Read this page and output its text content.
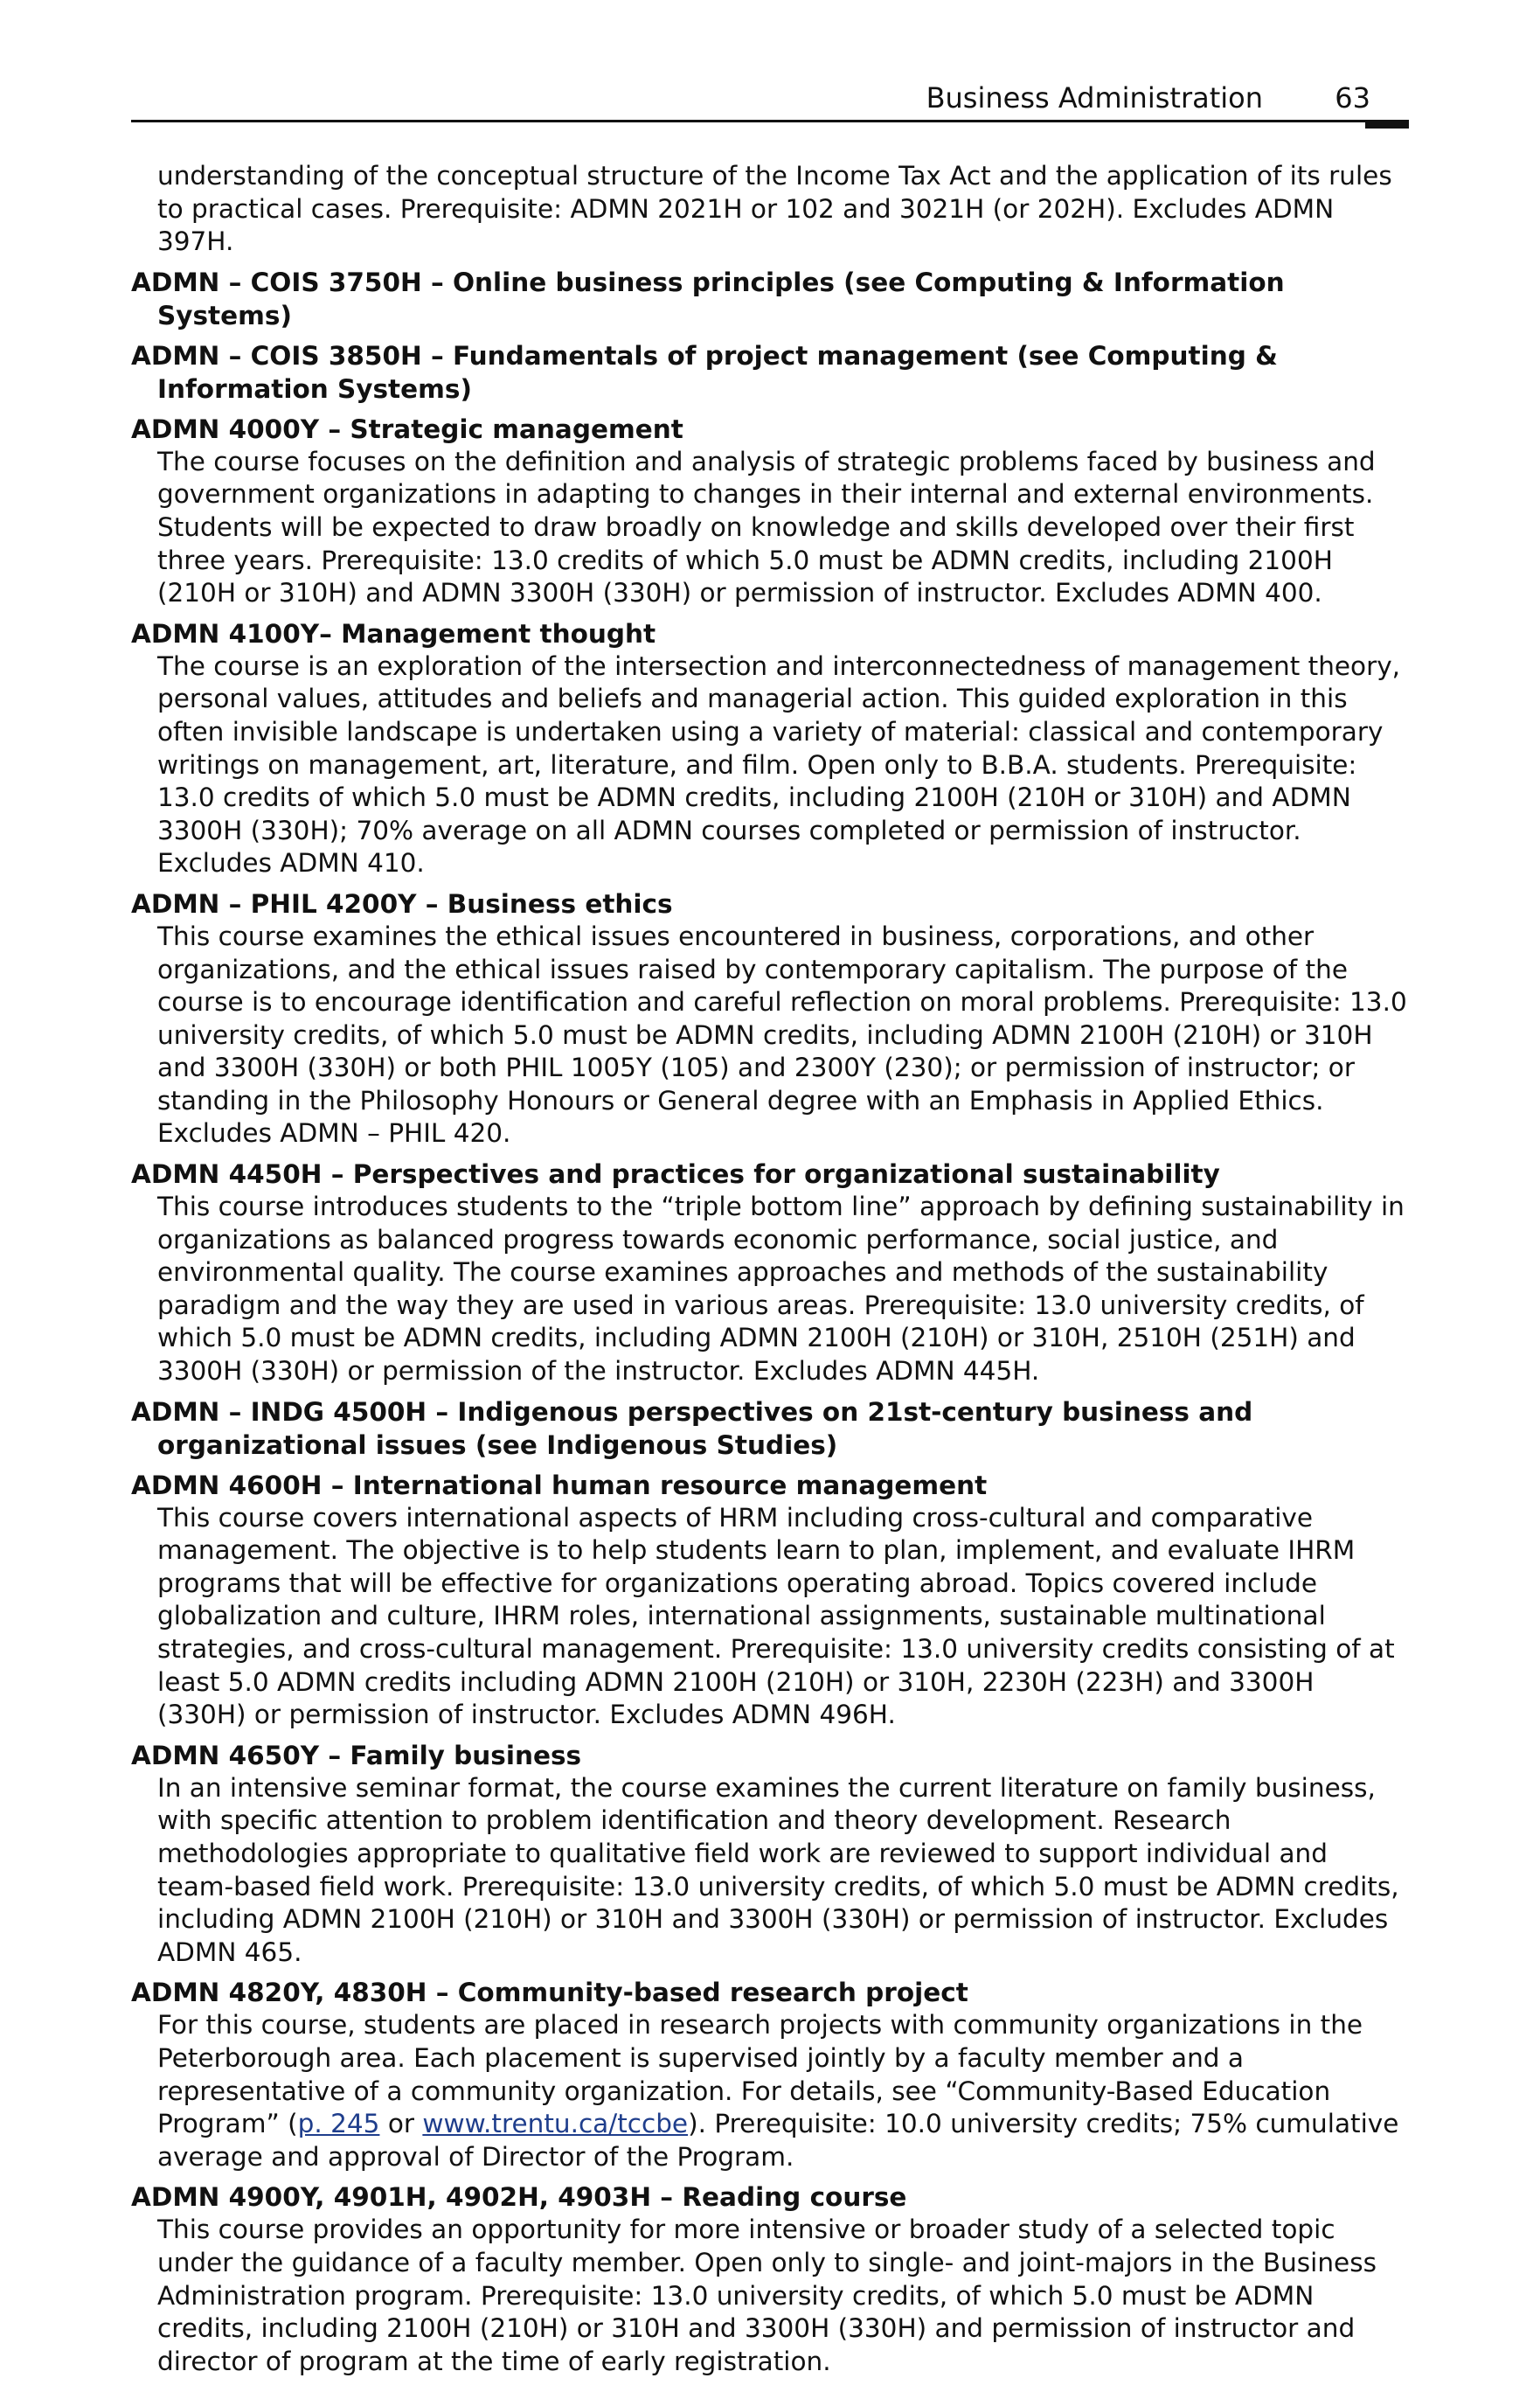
Business Administration	63
understanding of the conceptual structure of the Income Tax Act and the application of its rules to practical cases. Prerequisite: ADMN 2021H or 102 and 3021H (or 202H). Excludes ADMN 397H.
ADMN – COIS 3750H – Online business principles (see Computing & Information Systems)
ADMN – COIS 3850H – Fundamentals of project management (see Computing & Information Systems)
ADMN 4000Y – Strategic management
The course focuses on the definition and analysis of strategic problems faced by business and government organizations in adapting to changes in their internal and external environments. Students will be expected to draw broadly on knowledge and skills developed over their first three years. Prerequisite: 13.0 credits of which 5.0 must be ADMN credits, including 2100H (210H or 310H) and ADMN 3300H (330H) or permission of instructor. Excludes ADMN 400.
ADMN 4100Y– Management thought
The course is an exploration of the intersection and interconnectedness of management theory, personal values, attitudes and beliefs and managerial action. This guided exploration in this often invisible landscape is undertaken using a variety of material: classical and contemporary writings on management, art, literature, and film. Open only to B.B.A. students. Prerequisite: 13.0 credits of which 5.0 must be ADMN credits, including 2100H (210H or 310H) and ADMN 3300H (330H); 70% average on all ADMN courses completed or permission of instructor. Excludes ADMN 410.
ADMN – PHIL 4200Y – Business ethics
This course examines the ethical issues encountered in business, corporations, and other organizations, and the ethical issues raised by contemporary capitalism. The purpose of the course is to encourage identification and careful reflection on moral problems. Prerequisite: 13.0 university credits, of which 5.0 must be ADMN credits, including ADMN 2100H (210H) or 310H and 3300H (330H) or both PHIL 1005Y (105) and 2300Y (230); or permission of instructor; or standing in the Philosophy Honours or General degree with an Emphasis in Applied Ethics. Excludes ADMN – PHIL 420.
ADMN 4450H – Perspectives and practices for organizational sustainability
This course introduces students to the “triple bottom line” approach by defining sustainability in organizations as balanced progress towards economic performance, social justice, and environmental quality. The course examines approaches and methods of the sustainability paradigm and the way they are used in various areas. Prerequisite: 13.0 university credits, of which 5.0 must be ADMN credits, including ADMN 2100H (210H) or 310H, 2510H (251H) and 3300H (330H) or permission of the instructor. Excludes ADMN 445H.
ADMN – INDG 4500H – Indigenous perspectives on 21st-century business and organizational issues (see Indigenous Studies)
ADMN 4600H – International human resource management
This course covers international aspects of HRM including cross-cultural and comparative management. The objective is to help students learn to plan, implement, and evaluate IHRM programs that will be effective for organizations operating abroad. Topics covered include globalization and culture, IHRM roles, international assignments, sustainable multinational strategies, and cross-cultural management. Prerequisite: 13.0 university credits consisting of at least 5.0 ADMN credits including ADMN 2100H (210H) or 310H, 2230H (223H) and 3300H (330H) or permission of instructor. Excludes ADMN 496H.
ADMN 4650Y – Family business
In an intensive seminar format, the course examines the current literature on family business, with specific attention to problem identification and theory development. Research methodologies appropriate to qualitative field work are reviewed to support individual and team-based field work. Prerequisite: 13.0 university credits, of which 5.0 must be ADMN credits, including ADMN 2100H (210H) or 310H and 3300H (330H) or permission of instructor. Excludes ADMN 465.
ADMN 4820Y, 4830H – Community-based research project
For this course, students are placed in research projects with community organizations in the Peterborough area. Each placement is supervised jointly by a faculty member and a representative of a community organization. For details, see “Community-Based Education Program” (p. 245 or www.trentu.ca/tccbe). Prerequisite: 10.0 university credits; 75% cumulative average and approval of Director of the Program.
ADMN 4900Y, 4901H, 4902H, 4903H – Reading course
This course provides an opportunity for more intensive or broader study of a selected topic under the guidance of a faculty member. Open only to single- and joint-majors in the Business Administration program. Prerequisite: 13.0 university credits, of which 5.0 must be ADMN credits, including 2100H (210H) or 310H and 3300H (330H) and permission of instructor and director of program at the time of early registration.
